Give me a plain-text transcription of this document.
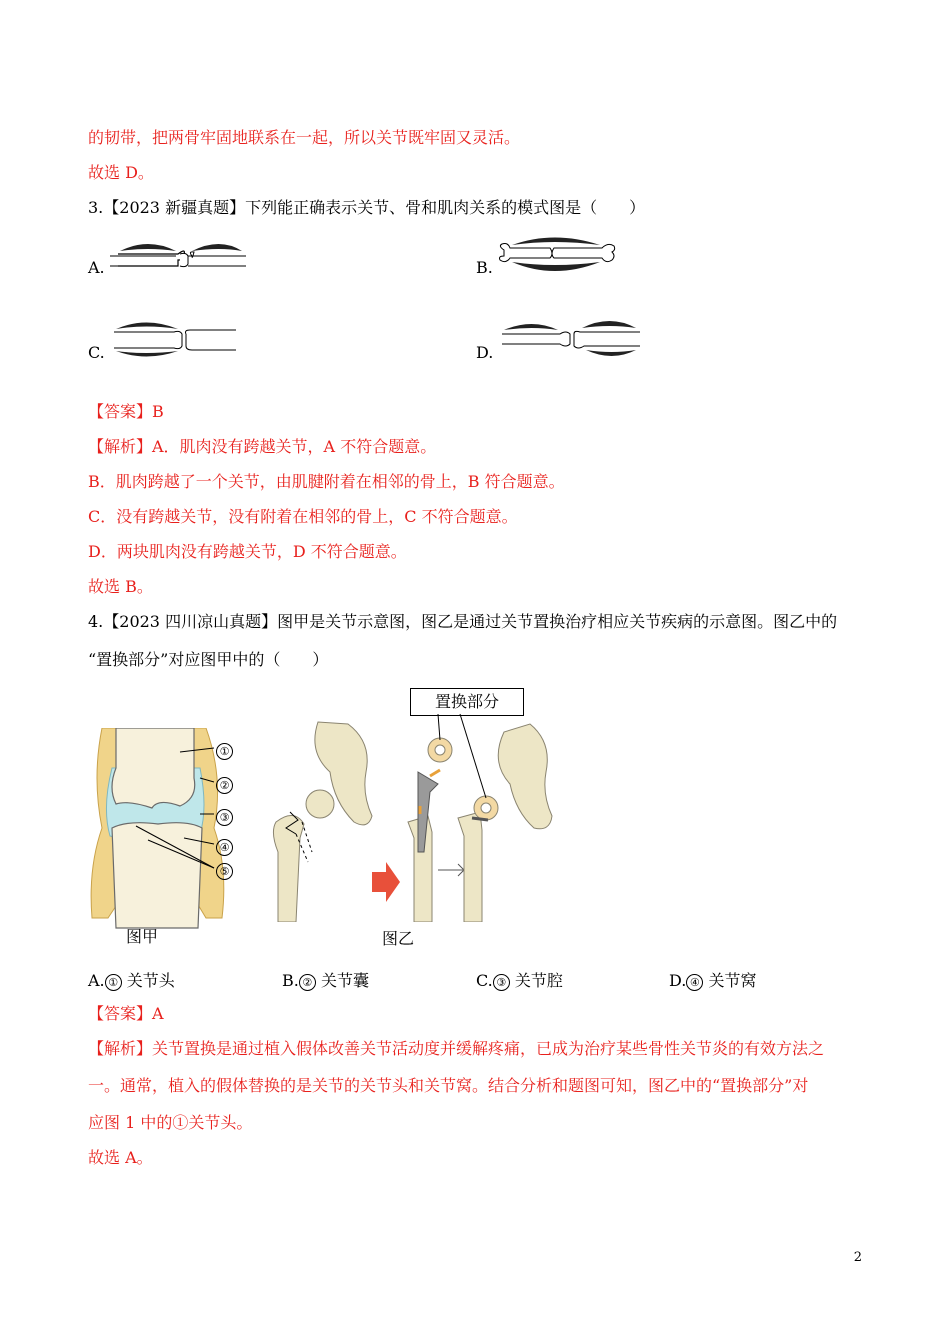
的韧带，把两骨牢固地联系在一起，所以关节既牢固又灵活。
故选 D。
3.【2023 新疆真题】下列能正确表示关节、骨和肌肉关系的模式图是（　　）
A.	B.
C.	D.
【答案】B
【解析】A．肌肉没有跨越关节，A 不符合题意。
B．肌肉跨越了一个关节，由肌腱附着在相邻的骨上，B 符合题意。
C．没有跨越关节，没有附着在相邻的骨上，C 不符合题意。
D．两块肌肉没有跨越关节，D 不符合题意。
故选 B。
4.【2023 四川凉山真题】图甲是关节示意图，图乙是通过关节置换治疗相应关节疾病的示意图。图乙中的
“置换部分”对应图甲中的（　　）
①
②
③
④
⑤
图甲
置换部分
图乙
A. ① 关节头	B. ② 关节囊	C. ③ 关节腔	D. ④ 关节窝
【答案】A
【解析】关节置换是通过植入假体改善关节活动度并缓解疼痛，已成为治疗某些骨性关节炎的有效方法之
一。通常，植入的假体替换的是关节的关节头和关节窝。结合分析和题图可知，图乙中的“置换部分”对
应图 1 中的①关节头。
故选 A。
2
